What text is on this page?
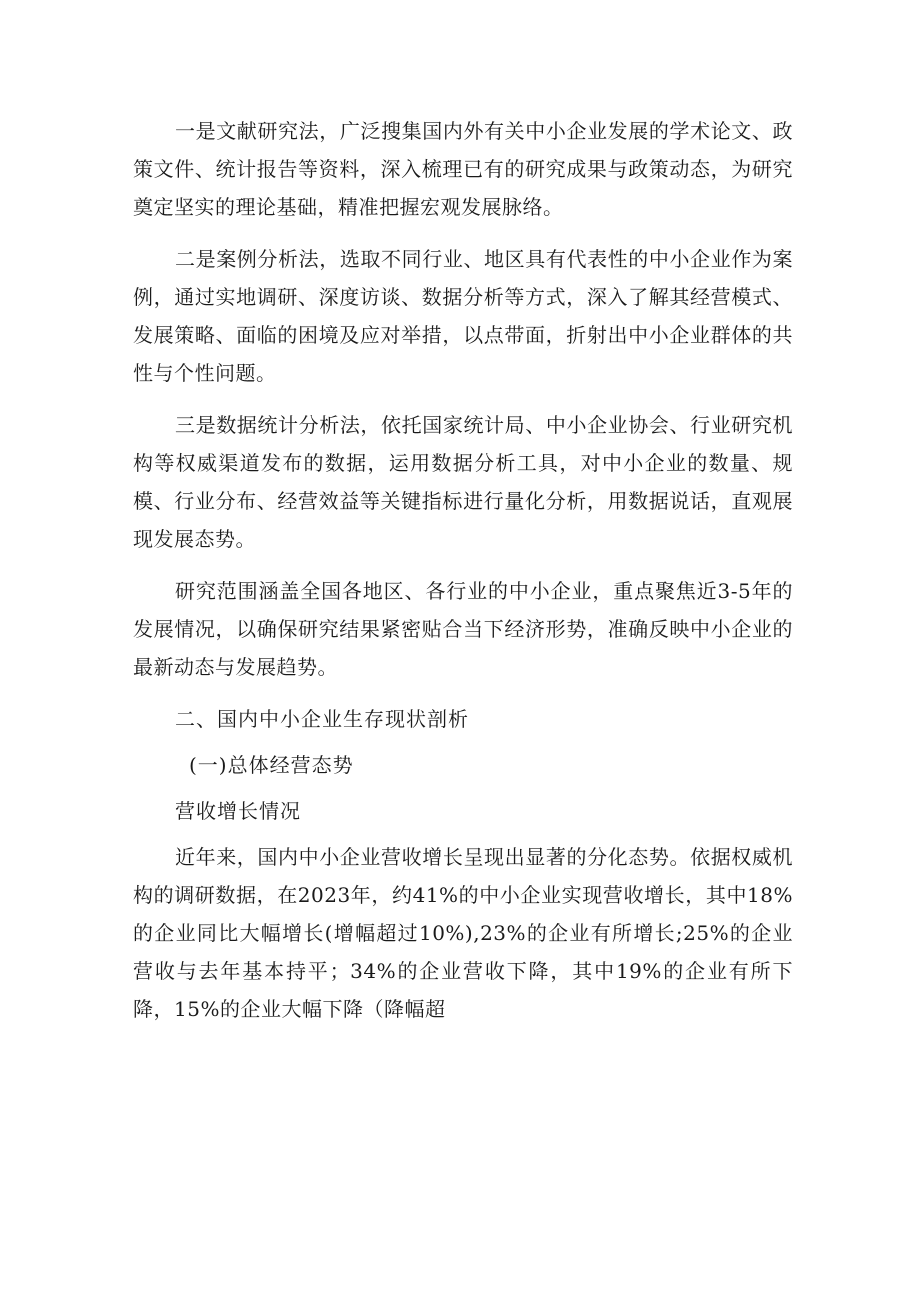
一是文献研究法，广泛搜集国内外有关中小企业发展的学术论文、政策文件、统计报告等资料，深入梳理已有的研究成果与政策动态，为研究奠定坚实的理论基础，精准把握宏观发展脉络。

二是案例分析法，选取不同行业、地区具有代表性的中小企业作为案例，通过实地调研、深度访谈、数据分析等方式，深入了解其经营模式、发展策略、面临的困境及应对举措，以点带面，折射出中小企业群体的共性与个性问题。

三是数据统计分析法，依托国家统计局、中小企业协会、行业研究机构等权威渠道发布的数据，运用数据分析工具，对中小企业的数量、规模、行业分布、经营效益等关键指标进行量化分析，用数据说话，直观展现发展态势。

研究范围涵盖全国各地区、各行业的中小企业，重点聚焦近3-5年的发展情况，以确保研究结果紧密贴合当下经济形势，准确反映中小企业的最新动态与发展趋势。

二、国内中小企业生存现状剖析

(一)总体经营态势

营收增长情况

近年来，国内中小企业营收增长呈现出显著的分化态势。依据权威机构的调研数据，在2023年，约41%的中小企业实现营收增长，其中18%的企业同比大幅增长(增幅超过10%),23%的企业有所增长;25%的企业营收与去年基本持平；34%的企业营收下降，其中19%的企业有所下降，15%的企业大幅下降（降幅超
